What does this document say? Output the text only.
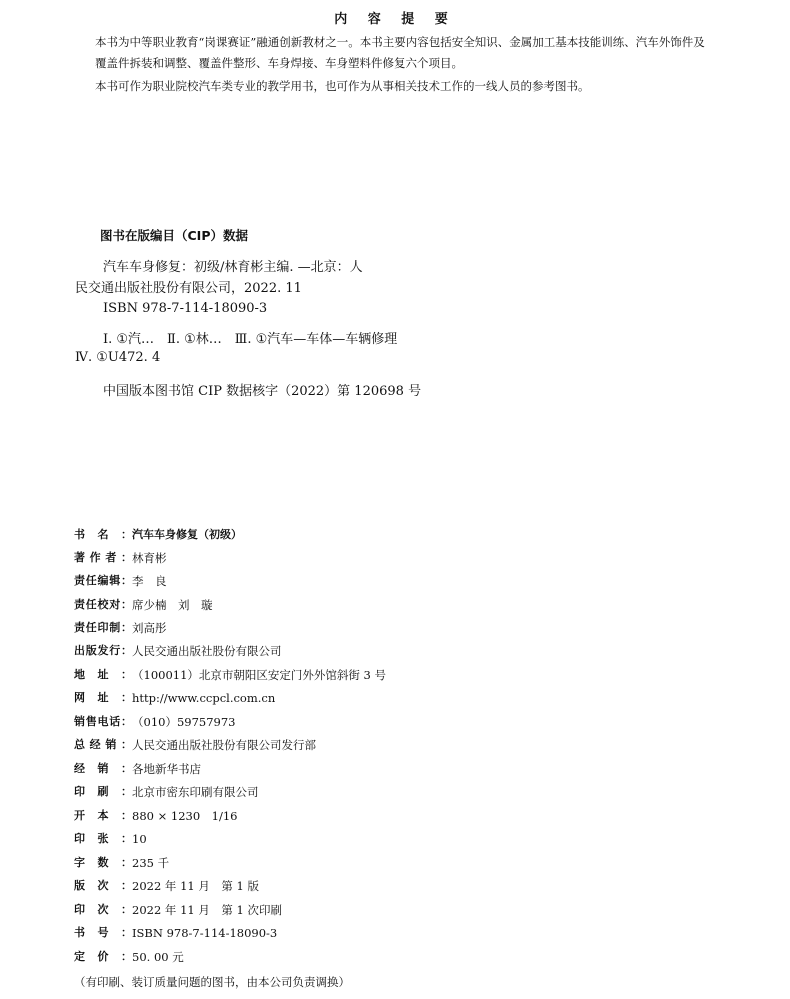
内 容 提 要

本书为中等职业教育“岗课赛证”融通创新教材之一。本书主要内容包括安全知识、金属加工基本技能训练、汽车外饰件及覆盖件拆装和调整、覆盖件整形、车身焊接、车身塑料件修复六个项目。

本书可作为职业院校汽车类专业的教学用书，也可作为从事相关技术工作的一线人员的参考图书。

图书在版编目（CIP）数据
汽车车身修复：初级/林育彬主编. —北京：人
民交通出版社股份有限公司，2022. 11
ISBN 978-7-114-18090-3
Ⅰ. ①汽…　Ⅱ. ①林…　Ⅲ. ①汽车—车体—车辆修理
Ⅳ. ①U472. 4
中国版本图书馆 CIP 数据核字（2022）第 120698 号
书名： 汽车车身修复（初级）
著作者： 林育彬
责任编辑： 李　良
责任校对： 席少楠　刘　璇
责任印制： 刘高彤
出版发行： 人民交通出版社股份有限公司
地址： （100011）北京市朝阳区安定门外外馆斜街 3 号
网址： http://www.ccpcl.com.cn
销售电话： （010）59757973
总经销： 人民交通出版社股份有限公司发行部
经销： 各地新华书店
印刷： 北京市密东印刷有限公司
开本： 880 × 1230　1/16
印张： 10
字数： 235 千
版次： 2022 年 11 月　第 1 版
印次： 2022 年 11 月　第 1 次印刷
书号： ISBN 978-7-114-18090-3
定价： 50. 00 元
（有印刷、装订质量问题的图书，由本公司负责调换）
